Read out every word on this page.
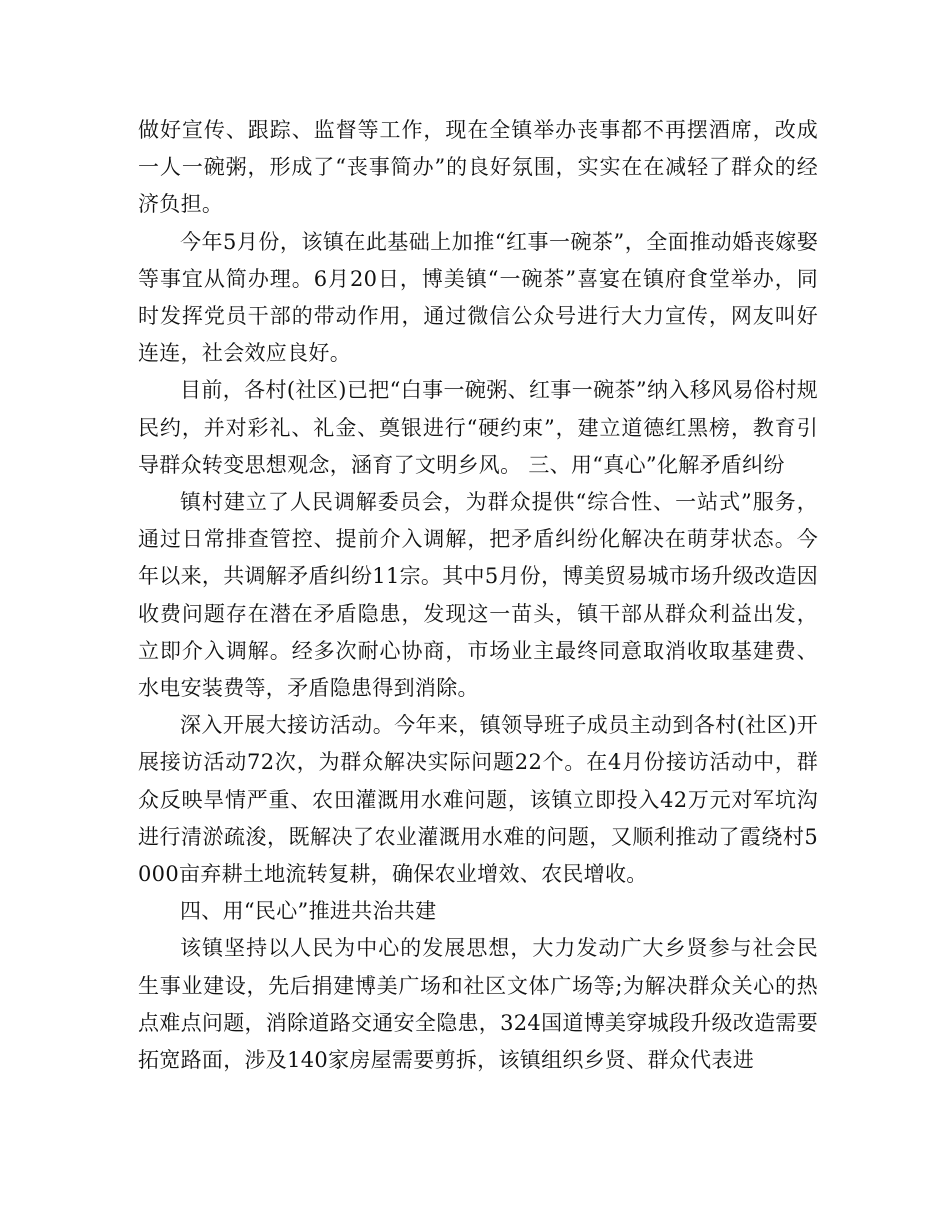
做好宣传、跟踪、监督等工作，现在全镇举办丧事都不再摆酒席，改成一人一碗粥，形成了“丧事简办”的良好氛围，实实在在减轻了群众的经济负担。

今年5月份，该镇在此基础上加推“红事一碗茶”，全面推动婚丧嫁娶等事宜从简办理。6月20日，博美镇“一碗茶”喜宴在镇府食堂举办，同时发挥党员干部的带动作用，通过微信公众号进行大力宣传，网友叫好连连，社会效应良好。

目前，各村(社区)已把“白事一碗粥、红事一碗茶”纳入移风易俗村规民约，并对彩礼、礼金、奠银进行“硬约束”，建立道德红黑榜，教育引导群众转变思想观念，涵育了文明乡风。 三、用“真心”化解矛盾纠纷

镇村建立了人民调解委员会，为群众提供“综合性、一站式”服务，通过日常排查管控、提前介入调解，把矛盾纠纷化解决在萌芽状态。今年以来，共调解矛盾纠纷11宗。其中5月份，博美贸易城市场升级改造因收费问题存在潜在矛盾隐患，发现这一苗头，镇干部从群众利益出发，立即介入调解。经多次耐心协商，市场业主最终同意取消收取基建费、水电安装费等，矛盾隐患得到消除。

深入开展大接访活动。今年来，镇领导班子成员主动到各村(社区)开展接访活动72次，为群众解决实际问题22个。在4月份接访活动中，群众反映旱情严重、农田灌溉用水难问题，该镇立即投入42万元对军坑沟进行清淤疏浚，既解决了农业灌溉用水难的问题，又顺利推动了霞绕村5000亩弃耕土地流转复耕，确保农业增效、农民增收。

四、用“民心”推进共治共建

该镇坚持以人民为中心的发展思想，大力发动广大乡贤参与社会民生事业建设，先后捐建博美广场和社区文体广场等;为解决群众关心的热点难点问题，消除道路交通安全隐患，324国道博美穿城段升级改造需要拓宽路面，涉及140家房屋需要剪拆，该镇组织乡贤、群众代表进
